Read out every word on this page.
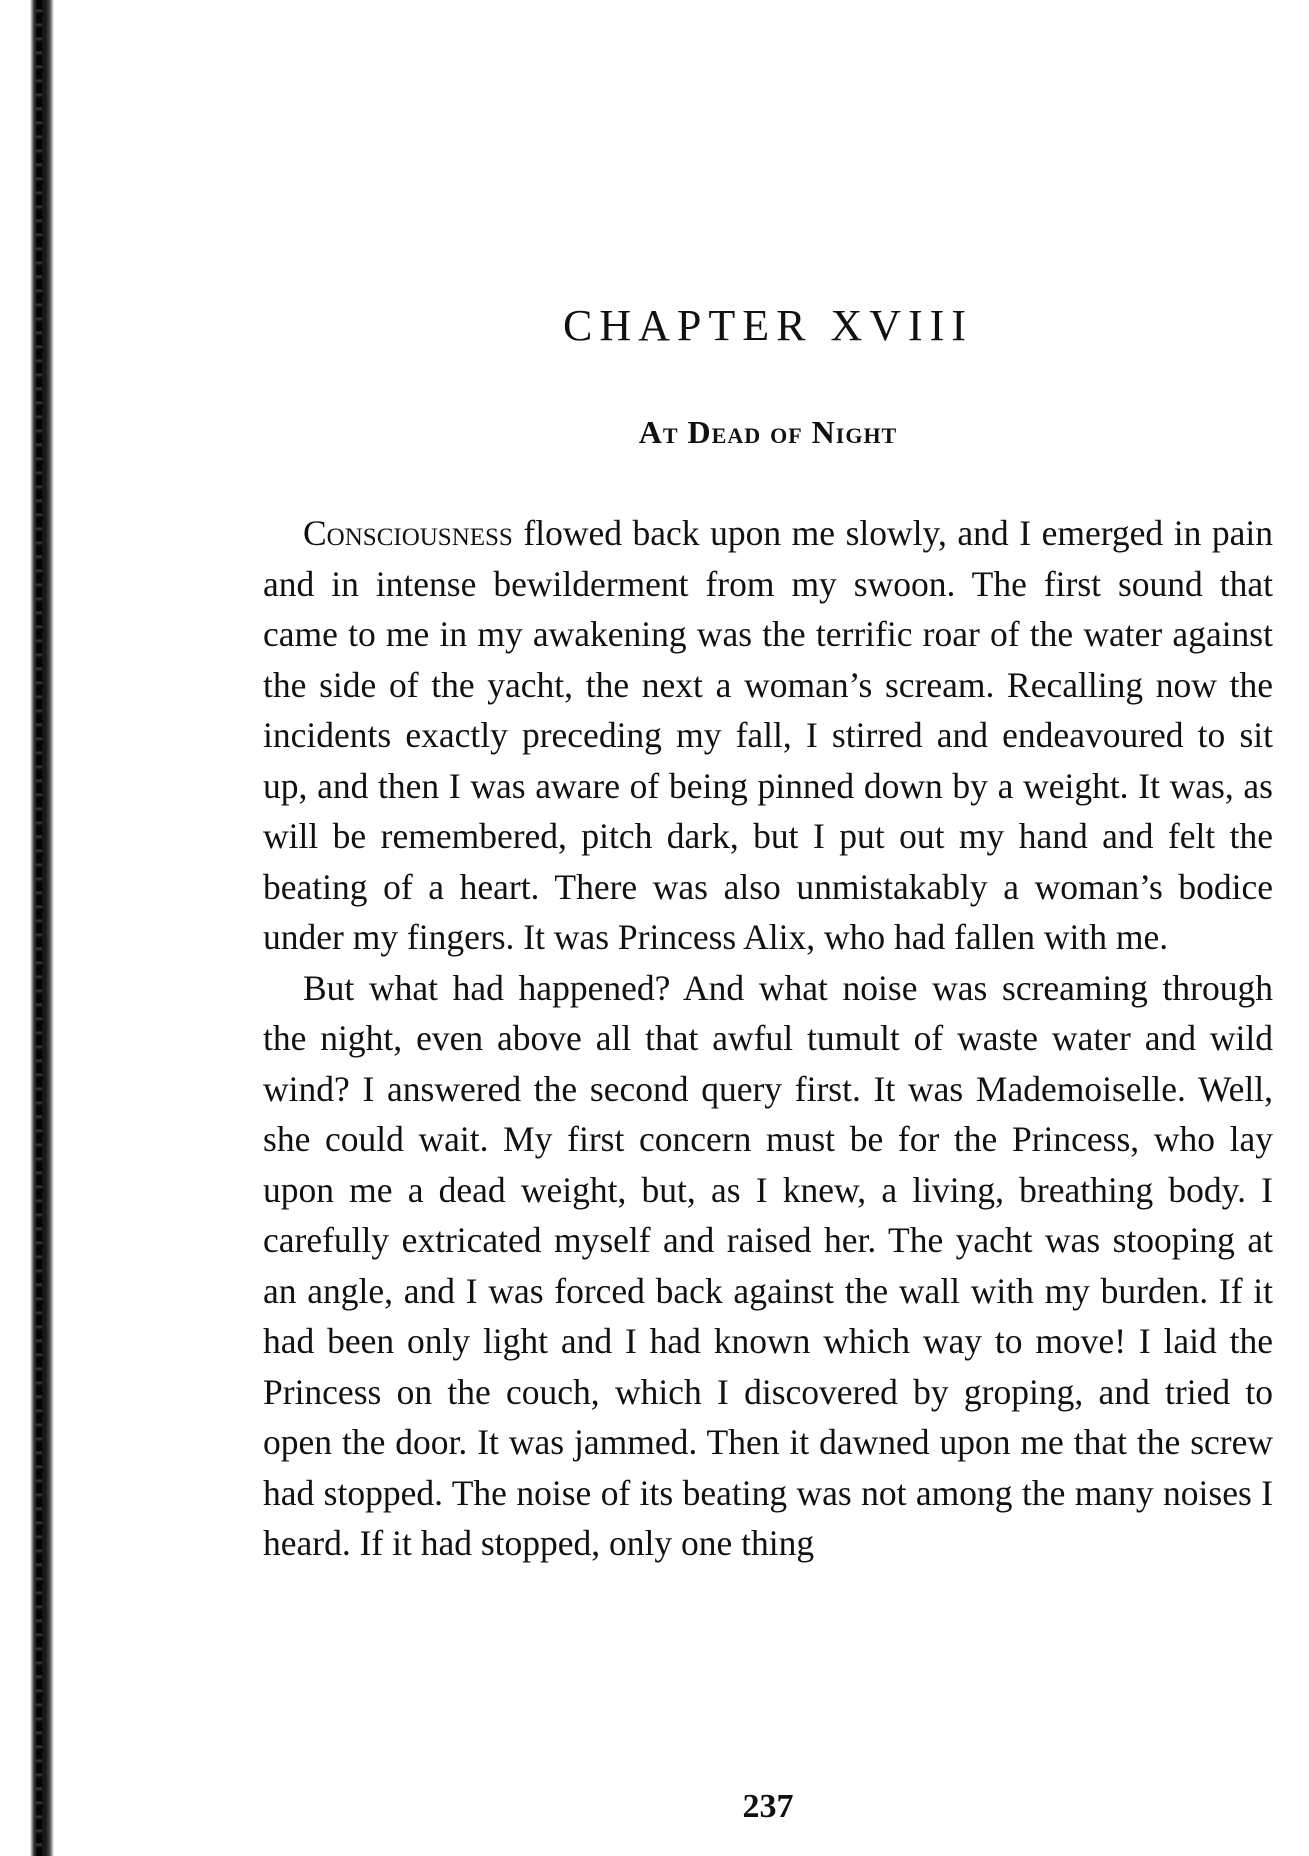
CHAPTER XVIII
At Dead of Night

Consciousness flowed back upon me slowly, and I emerged in pain and in intense bewilderment from my swoon. The first sound that came to me in my awakening was the terrific roar of the water against the side of the yacht, the next a woman’s scream. Recalling now the incidents exactly preceding my fall, I stirred and endeavoured to sit up, and then I was aware of being pinned down by a weight. It was, as will be remembered, pitch dark, but I put out my hand and felt the beating of a heart. There was also unmistakably a woman’s bodice under my fingers. It was Princess Alix, who had fallen with me.

But what had happened? And what noise was screaming through the night, even above all that awful tumult of waste water and wild wind? I answered the second query first. It was Mademoiselle. Well, she could wait. My first concern must be for the Princess, who lay upon me a dead weight, but, as I knew, a living, breathing body. I carefully extricated myself and raised her. The yacht was stooping at an angle, and I was forced back against the wall with my burden. If it had been only light and I had known which way to move! I laid the Princess on the couch, which I discovered by groping, and tried to open the door. It was jammed. Then it dawned upon me that the screw had stopped. The noise of its beating was not among the many noises I heard. If it had stopped, only one thing

237
